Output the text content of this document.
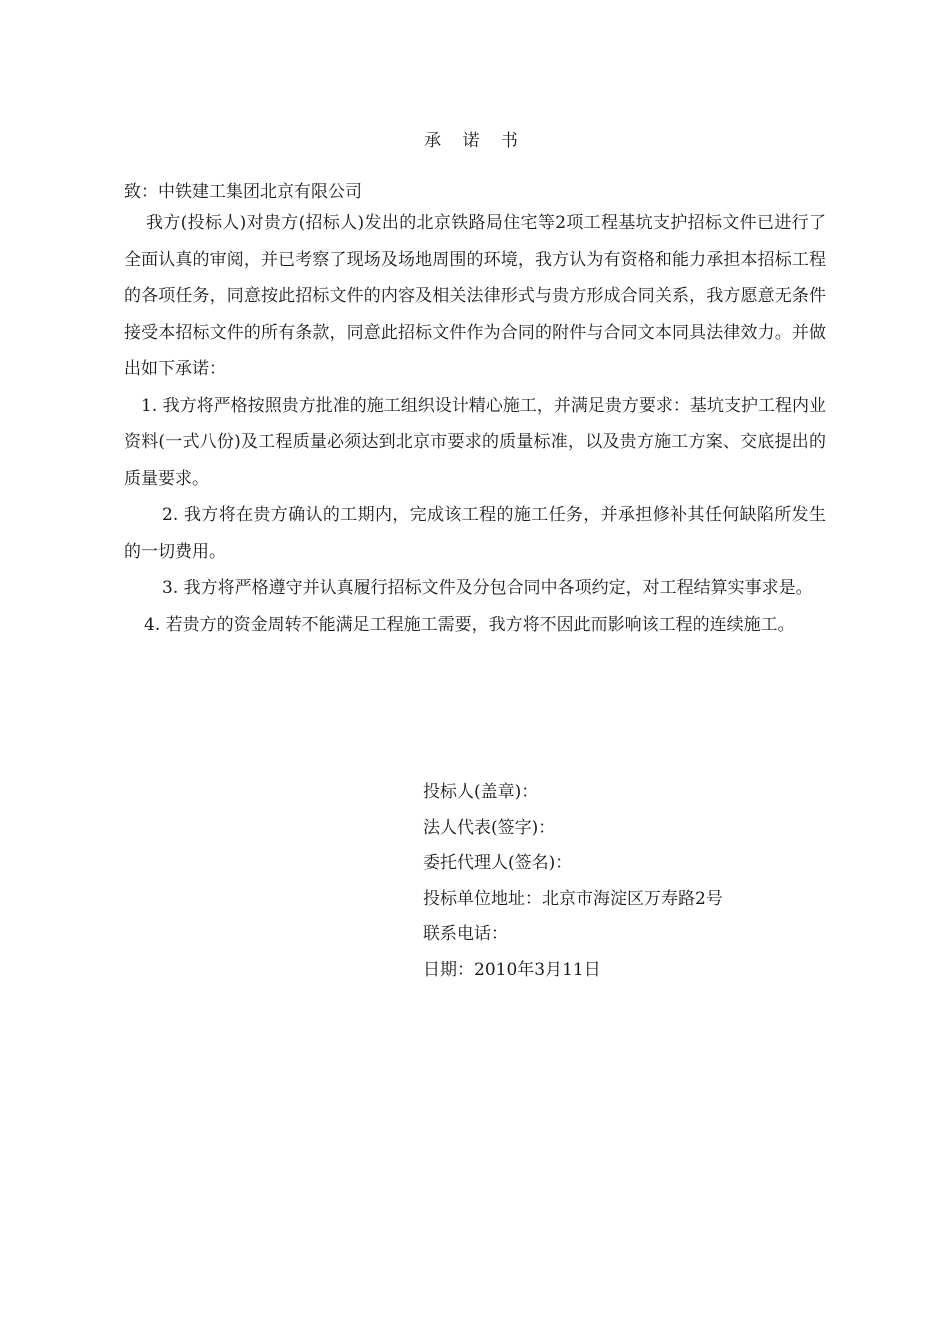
承 诺 书
致：中铁建工集团北京有限公司

我方(投标人)对贵方(招标人)发出的北京铁路局住宅等2项工程基坑支护招标文件已进行了全面认真的审阅，并已考察了现场及场地周围的环境，我方认为有资格和能力承担本招标工程的各项任务，同意按此招标文件的内容及相关法律形式与贵方形成合同关系，我方愿意无条件接受本招标文件的所有条款，同意此招标文件作为合同的附件与合同文本同具法律效力。并做出如下承诺：

1. 我方将严格按照贵方批准的施工组织设计精心施工，并满足贵方要求：基坑支护工程内业资料(一式八份)及工程质量必须达到北京市要求的质量标准，以及贵方施工方案、交底提出的质量要求。

2. 我方将在贵方确认的工期内，完成该工程的施工任务，并承担修补其任何缺陷所发生的一切费用。

3. 我方将严格遵守并认真履行招标文件及分包合同中各项约定，对工程结算实事求是。

4. 若贵方的资金周转不能满足工程施工需要，我方将不因此而影响该工程的连续施工。

投标人(盖章)：
法人代表(签字)：
委托代理人(签名)：
投标单位地址：北京市海淀区万寿路2号
联系电话：
日期：2010年3月11日
